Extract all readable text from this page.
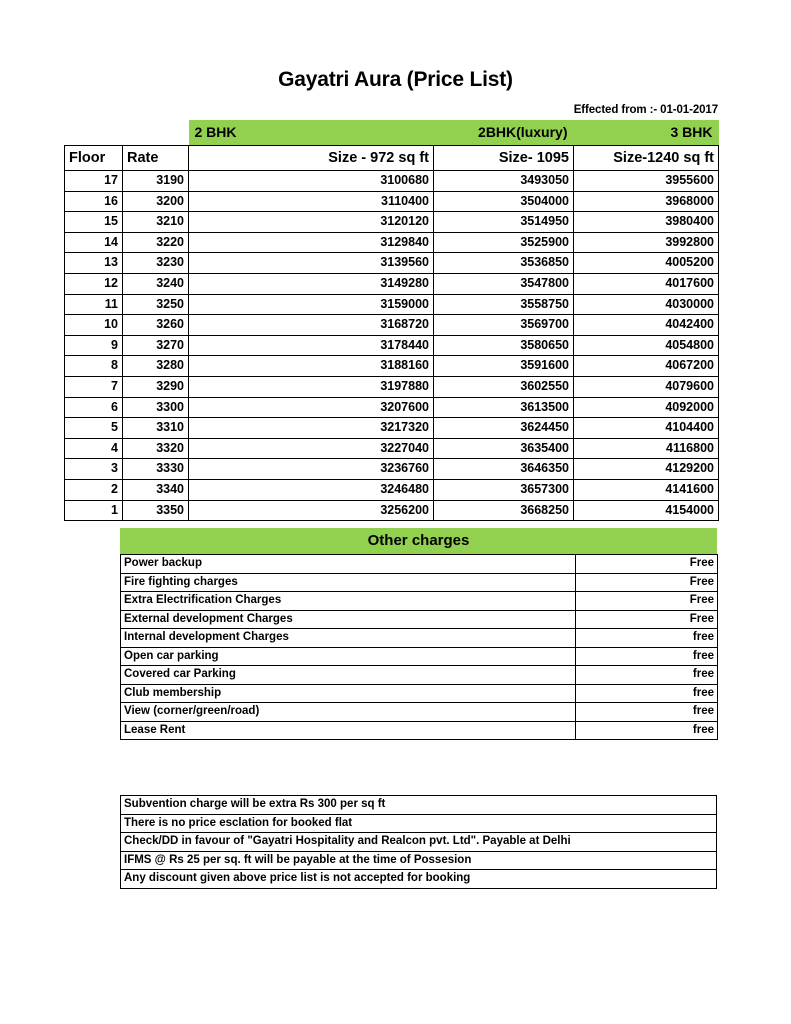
Gayatri Aura (Price List)
Effected from :- 01-01-2017
		2 BHK	2BHK(luxury)	3 BHK
Floor	Rate	Size - 972 sq ft	Size- 1095	Size-1240 sq ft
17	3190	3100680	3493050	3955600
16	3200	3110400	3504000	3968000
15	3210	3120120	3514950	3980400
14	3220	3129840	3525900	3992800
13	3230	3139560	3536850	4005200
12	3240	3149280	3547800	4017600
11	3250	3159000	3558750	4030000
10	3260	3168720	3569700	4042400
9	3270	3178440	3580650	4054800
8	3280	3188160	3591600	4067200
7	3290	3197880	3602550	4079600
6	3300	3207600	3613500	4092000
5	3310	3217320	3624450	4104400
4	3320	3227040	3635400	4116800
3	3330	3236760	3646350	4129200
2	3340	3246480	3657300	4141600
1	3350	3256200	3668250	4154000
Other charges
Power backup	Free
Fire fighting charges	Free
Extra Electrification Charges	Free
External development Charges	Free
Internal development Charges	free
Open car parking	free
Covered car Parking	free
Club membership	free
View (corner/green/road)	free
Lease Rent	free
Subvention charge will be extra Rs 300 per sq ft
There is no price esclation for booked flat
Check/DD in favour of "Gayatri Hospitality and Realcon pvt. Ltd". Payable at Delhi
IFMS @ Rs 25 per sq. ft will be payable at the time of Possesion
Any discount given above price list is not accepted for booking
